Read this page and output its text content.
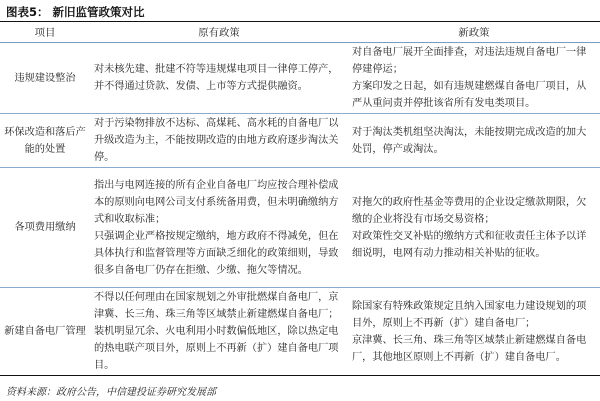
图表5： 新旧监管政策对比
项目	原有政策	新政策
违规建设整治	对未核先建、批建不符等违规煤电项目一律停工停产，并不得通过贷款、发债、上市等方式提供融资。	对自备电厂展开全面排查，对违法违规自备电厂一律停建停运；
方案印发之日起，如有违规建燃煤自备电厂项目，从严从重问责并停批该省所有发电类项目。

环保改造和落后产能的处置	对于污染物排放不达标、高煤耗、高水耗的自备电厂以升级改造为主，不能按期改造的由地方政府逐步淘汰关停。	对于淘汰类机组坚决淘汰，未能按期完成改造的加大处罚，停产或淘汰。

各项费用缴纳	指出与电网连接的所有企业自备电厂均应按合理补偿成本的原则向电网公司支付系统备用费，但未明确缴纳方式和收取标准；
只强调企业严格按规定缴纳，地方政府不得减免，但在具体执行和监督管理等方面缺乏细化的政策细则，导致很多自备电厂仍存在拒缴、少缴、拖欠等情况。	对拖欠的政府性基金等费用的企业设定缴款期限，欠缴的企业将没有市场交易资格；
对政策性交叉补贴的缴纳方式和征收责任主体予以详细说明，电网有动力推动相关补贴的征收。

新建自备电厂管理	不得以任何理由在国家规划之外审批燃煤自备电厂，京津冀、长三角、珠三角等区域禁止新建燃煤自备电厂；
装机明显冗余、火电利用小时数偏低地区，除以热定电的热电联产项目外，原则上不再新（扩）建自备电厂项目。	除国家有特殊政策规定且纳入国家电力建设规划的项目外，原则上不再新（扩）建自备电厂；
京津冀、长三角、珠三角等区域禁止新建燃煤自备电厂，其他地区原则上不再新（扩）建自备电厂。
资料来源：政府公告，中信建投证券研究发展部
